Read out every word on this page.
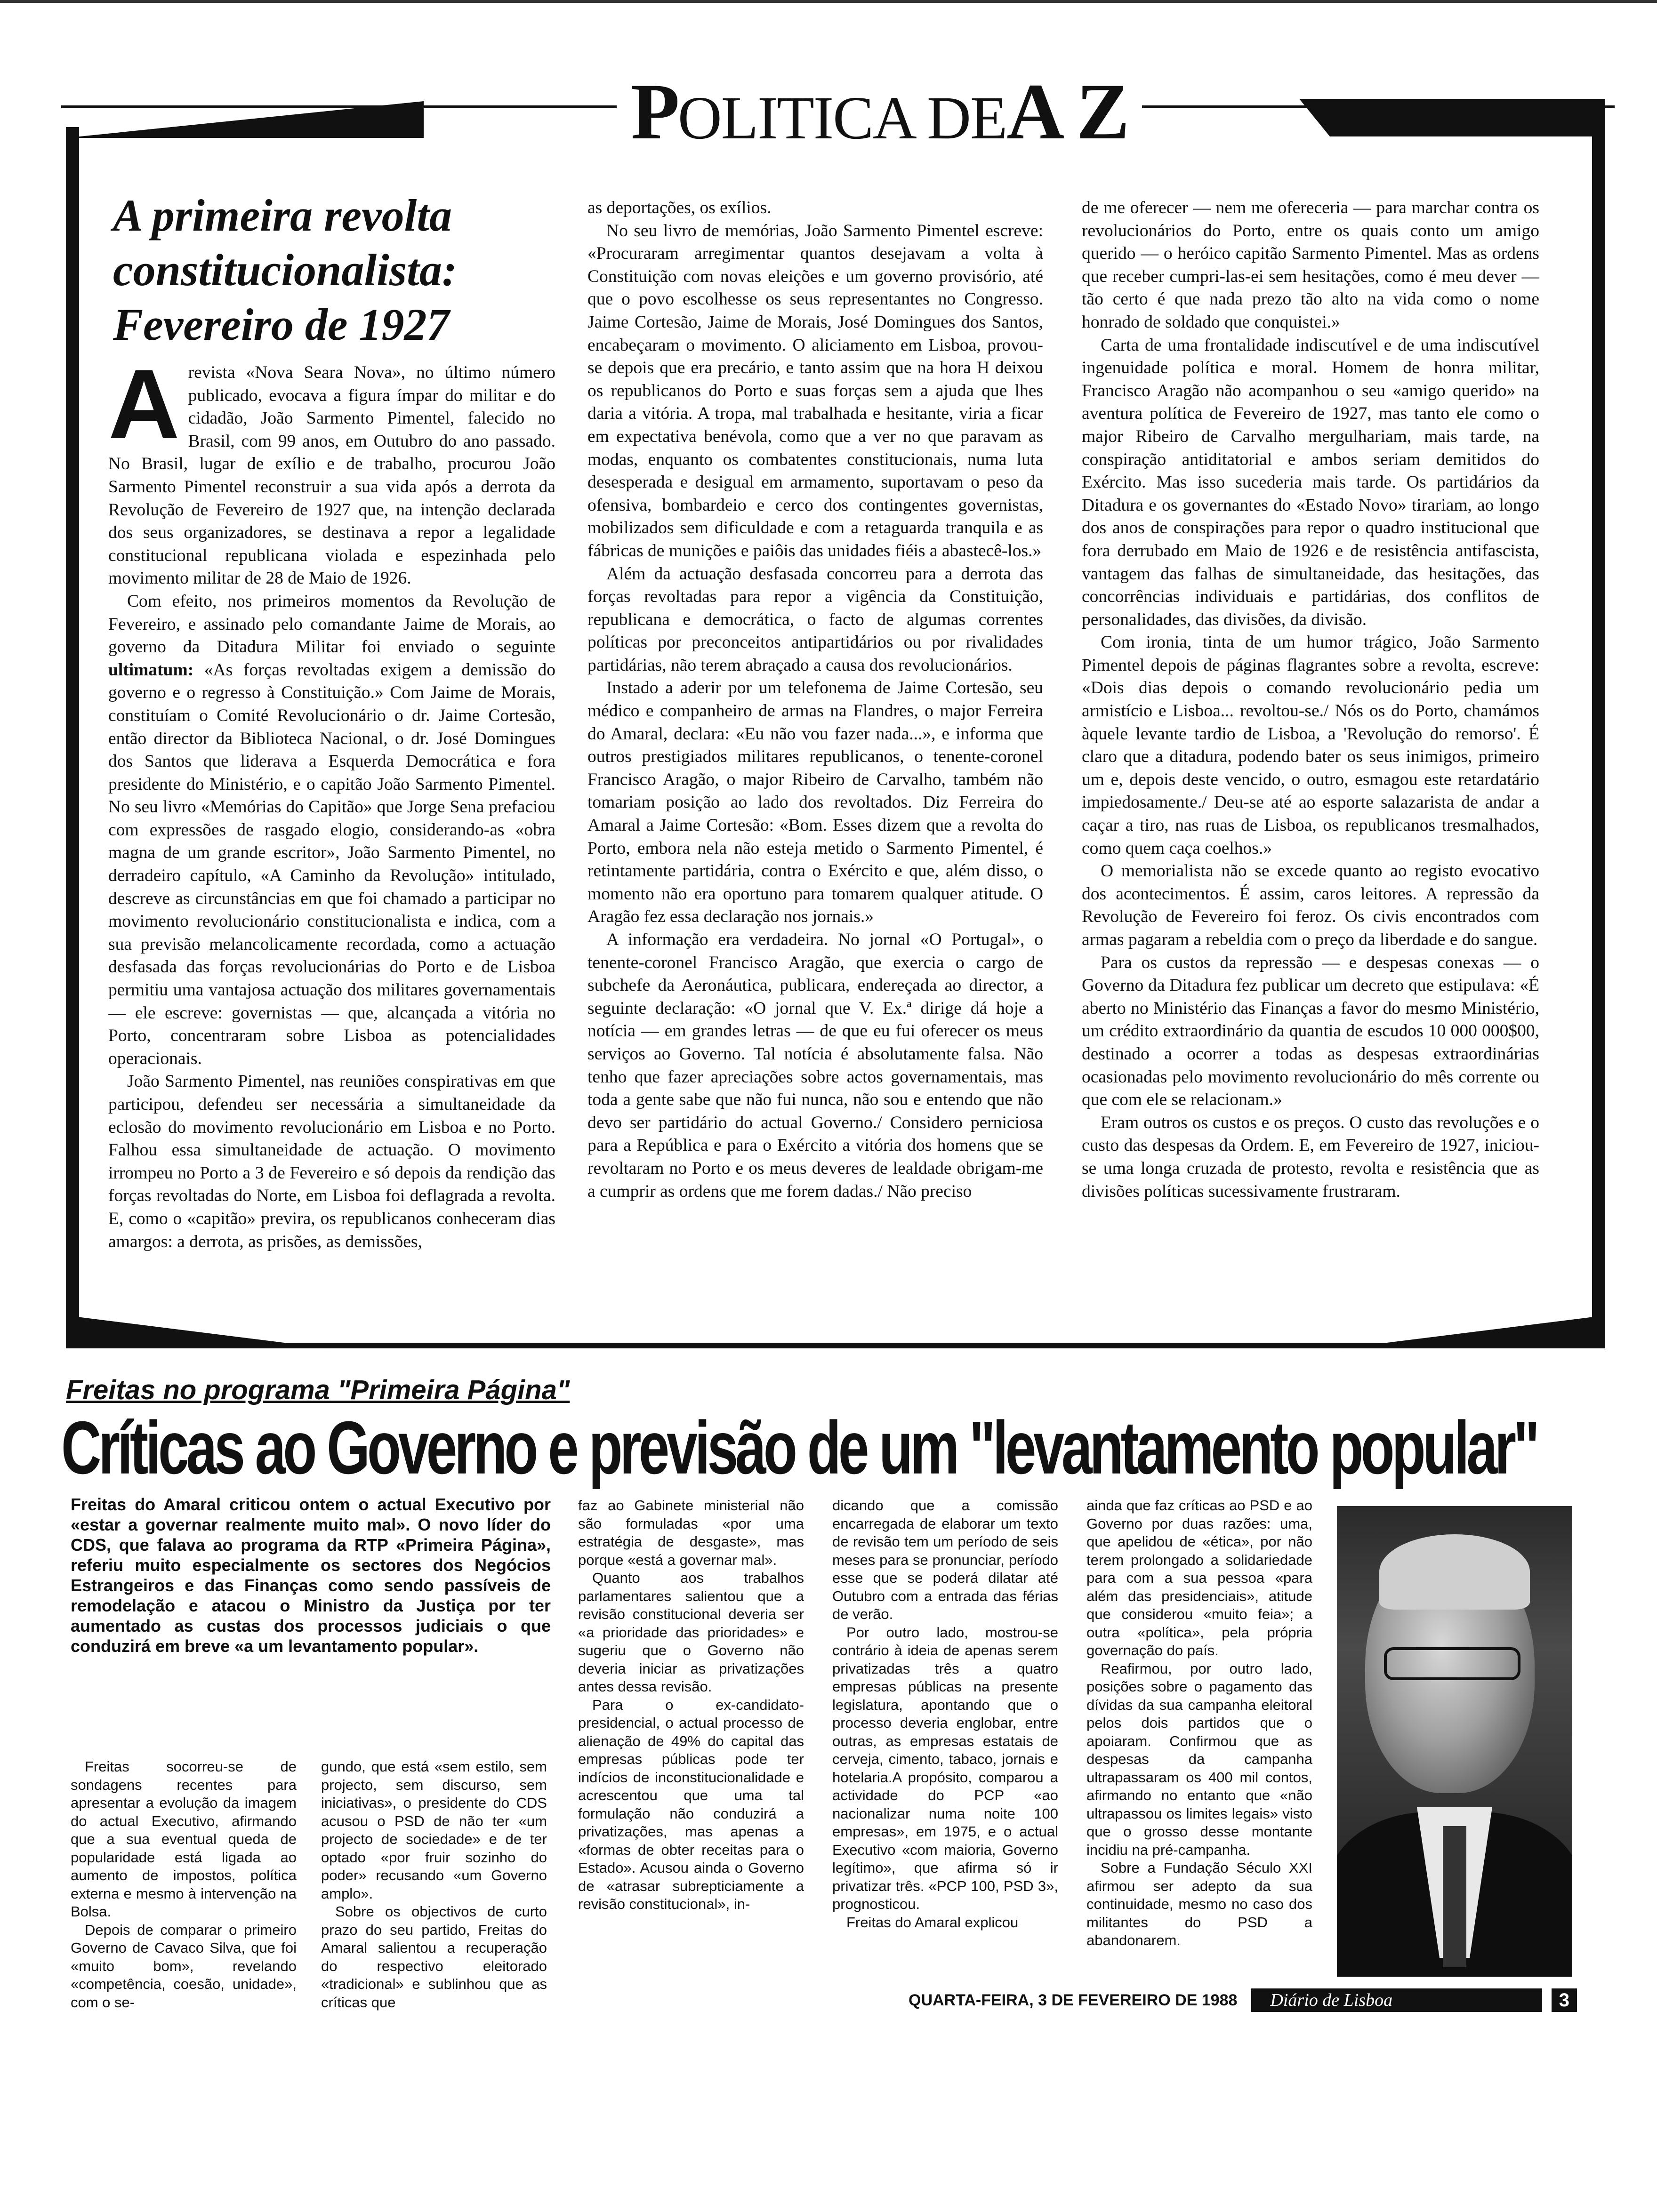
P OLITICA DE A Z
A primeira revolta constitucionalista: Fevereiro de 1927

Arevista «Nova Seara Nova», no último número publicado, evocava a figura ímpar do militar e do cidadão, João Sarmento Pimentel, falecido no Brasil, com 99 anos, em Outubro do ano passado. No Brasil, lugar de exílio e de trabalho, procurou João Sarmento Pimentel reconstruir a sua vida após a derrota da Revolução de Fevereiro de 1927 que, na intenção declarada dos seus organizadores, se destinava a repor a legalidade constitucional republicana violada e espezinhada pelo movimento militar de 28 de Maio de 1926.

Com efeito, nos primeiros momentos da Revolução de Fevereiro, e assinado pelo comandante Jaime de Morais, ao governo da Ditadura Militar foi enviado o seguinte ultimatum: «As forças revoltadas exigem a demissão do governo e o regresso à Constituição.» Com Jaime de Morais, constituíam o Comité Revolucionário o dr. Jaime Cortesão, então director da Biblioteca Nacional, o dr. José Domingues dos Santos que liderava a Esquerda Democrática e fora presidente do Ministério, e o capitão João Sarmento Pimentel. No seu livro «Memórias do Capitão» que Jorge Sena prefaciou com expressões de rasgado elogio, considerando-as «obra magna de um grande escritor», João Sarmento Pimentel, no derradeiro capítulo, «A Caminho da Revolução» intitulado, descreve as circunstâncias em que foi chamado a participar no movimento revolucionário constitucionalista e indica, com a sua previsão melancolicamente recordada, como a actuação desfasada das forças revolucionárias do Porto e de Lisboa permitiu uma vantajosa actuação dos militares governamentais — ele escreve: governistas — que, alcançada a vitória no Porto, concentraram sobre Lisboa as potencialidades operacionais.

João Sarmento Pimentel, nas reuniões conspirativas em que participou, defendeu ser necessária a simultaneidade da eclosão do movimento revolucionário em Lisboa e no Porto. Falhou essa simultaneidade de actuação. O movimento irrompeu no Porto a 3 de Fevereiro e só depois da rendição das forças revoltadas do Norte, em Lisboa foi deflagrada a revolta. E, como o «capitão» previra, os republicanos conheceram dias amargos: a derrota, as prisões, as demissões,

as deportações, os exílios.

No seu livro de memórias, João Sarmento Pimentel escreve: «Procuraram arregimentar quantos desejavam a volta à Constituição com novas eleições e um governo provisório, até que o povo escolhesse os seus representantes no Congresso. Jaime Cortesão, Jaime de Morais, José Domingues dos Santos, encabeçaram o movimento. O aliciamento em Lisboa, provou-se depois que era precário, e tanto assim que na hora H deixou os republicanos do Porto e suas forças sem a ajuda que lhes daria a vitória. A tropa, mal trabalhada e hesitante, viria a ficar em expectativa benévola, como que a ver no que paravam as modas, enquanto os combatentes constitucionais, numa luta desesperada e desigual em armamento, suportavam o peso da ofensiva, bombardeio e cerco dos contingentes governistas, mobilizados sem dificuldade e com a retaguarda tranquila e as fábricas de munições e paiôis das unidades fiéis a abastecê-los.»

Além da actuação desfasada concorreu para a derrota das forças revoltadas para repor a vigência da Constituição, republicana e democrática, o facto de algumas correntes políticas por preconceitos antipartidários ou por rivalidades partidárias, não terem abraçado a causa dos revolucionários.

Instado a aderir por um telefonema de Jaime Cortesão, seu médico e companheiro de armas na Flandres, o major Ferreira do Amaral, declara: «Eu não vou fazer nada...», e informa que outros prestigiados militares republicanos, o tenente-coronel Francisco Aragão, o major Ribeiro de Carvalho, também não tomariam posição ao lado dos revoltados. Diz Ferreira do Amaral a Jaime Cortesão: «Bom. Esses dizem que a revolta do Porto, embora nela não esteja metido o Sarmento Pimentel, é retintamente partidária, contra o Exército e que, além disso, o momento não era oportuno para tomarem qualquer atitude. O Aragão fez essa declaração nos jornais.»

A informação era verdadeira. No jornal «O Portugal», o tenente-coronel Francisco Aragão, que exercia o cargo de subchefe da Aeronáutica, publicara, endereçada ao director, a seguinte declaração: «O jornal que V. Ex.ª dirige dá hoje a notícia — em grandes letras — de que eu fui oferecer os meus serviços ao Governo. Tal notícia é absolutamente falsa. Não tenho que fazer apreciações sobre actos governamentais, mas toda a gente sabe que não fui nunca, não sou e entendo que não devo ser partidário do actual Governo./ Considero perniciosa para a República e para o Exército a vitória dos homens que se revoltaram no Porto e os meus deveres de lealdade obrigam-me a cumprir as ordens que me forem dadas./ Não preciso

de me oferecer — nem me ofereceria — para marchar contra os revolucionários do Porto, entre os quais conto um amigo querido — o heróico capitão Sarmento Pimentel. Mas as ordens que receber cumpri-las-ei sem hesitações, como é meu dever — tão certo é que nada prezo tão alto na vida como o nome honrado de soldado que conquistei.»

Carta de uma frontalidade indiscutível e de uma indiscutível ingenuidade política e moral. Homem de honra militar, Francisco Aragão não acompanhou o seu «amigo querido» na aventura política de Fevereiro de 1927, mas tanto ele como o major Ribeiro de Carvalho mergulhariam, mais tarde, na conspiração antiditatorial e ambos seriam demitidos do Exército. Mas isso sucederia mais tarde. Os partidários da Ditadura e os governantes do «Estado Novo» tirariam, ao longo dos anos de conspirações para repor o quadro institucional que fora derrubado em Maio de 1926 e de resistência antifascista, vantagem das falhas de simultaneidade, das hesitações, das concorrências individuais e partidárias, dos conflitos de personalidades, das divisões, da divisão.

Com ironia, tinta de um humor trágico, João Sarmento Pimentel depois de páginas flagrantes sobre a revolta, escreve: «Dois dias depois o comando revolucionário pedia um armistício e Lisboa... revoltou-se./ Nós os do Porto, chamámos àquele levante tardio de Lisboa, a 'Revolução do remorso'. É claro que a ditadura, podendo bater os seus inimigos, primeiro um e, depois deste vencido, o outro, esmagou este retardatário impiedosamente./ Deu-se até ao esporte salazarista de andar a caçar a tiro, nas ruas de Lisboa, os republicanos tresmalhados, como quem caça coelhos.»

O memorialista não se excede quanto ao registo evocativo dos acontecimentos. É assim, caros leitores. A repressão da Revolução de Fevereiro foi feroz. Os civis encontrados com armas pagaram a rebeldia com o preço da liberdade e do sangue.

Para os custos da repressão — e despesas conexas — o Governo da Ditadura fez publicar um decreto que estipulava: «É aberto no Ministério das Finanças a favor do mesmo Ministério, um crédito extraordinário da quantia de escudos 10 000 000$00, destinado a ocorrer a todas as despesas extraordinárias ocasionadas pelo movimento revolucionário do mês corrente ou que com ele se relacionam.»

Eram outros os custos e os preços. O custo das revoluções e o custo das despesas da Ordem. E, em Fevereiro de 1927, iniciou-se uma longa cruzada de protesto, revolta e resistência que as divisões políticas sucessivamente frustraram.

Freitas no programa "Primeira Página"
Críticas ao Governo e previsão de um "levantamento popular"
Freitas do Amaral criticou ontem o actual Executivo por «estar a governar realmente muito mal». O novo líder do CDS, que falava ao programa da RTP «Primeira Página», referiu muito especialmente os sectores dos Negócios Estrangeiros e das Finanças como sendo passíveis de remodelação e atacou o Ministro da Justiça por ter aumentado as custas dos processos judiciais o que conduzirá em breve «a um levantamento popular».

Freitas socorreu-se de sondagens recentes para apresentar a evolução da imagem do actual Executivo, afirmando que a sua eventual queda de popularidade está ligada ao aumento de impostos, política externa e mesmo à intervenção na Bolsa.

Depois de comparar o primeiro Governo de Cavaco Silva, que foi «muito bom», revelando «competência, coesão, unidade», com o se-

gundo, que está «sem estilo, sem projecto, sem discurso, sem iniciativas», o presidente do CDS acusou o PSD de não ter «um projecto de sociedade» e de ter optado «por fruir sozinho do poder» recusando «um Governo amplo».

Sobre os objectivos de curto prazo do seu partido, Freitas do Amaral salientou a recuperação do respectivo eleitorado «tradicional» e sublinhou que as críticas que

faz ao Gabinete ministerial não são formuladas «por uma estratégia de desgaste», mas porque «está a governar mal».

Quanto aos trabalhos parlamentares salientou que a revisão constitucional deveria ser «a prioridade das prioridades» e sugeriu que o Governo não deveria iniciar as privatizações antes dessa revisão.

Para o ex-candidato-presidencial, o actual processo de alienação de 49% do capital das empresas públicas pode ter indícios de inconstitucionalidade e acrescentou que uma tal formulação não conduzirá a privatizações, mas apenas a «formas de obter receitas para o Estado». Acusou ainda o Governo de «atrasar subrepticiamente a revisão constitucional», in-

dicando que a comissão encarregada de elaborar um texto de revisão tem um período de seis meses para se pronunciar, período esse que se poderá dilatar até Outubro com a entrada das férias de verão.

Por outro lado, mostrou-se contrário à ideia de apenas serem privatizadas três a quatro empresas públicas na presente legislatura, apontando que o processo deveria englobar, entre outras, as empresas estatais de cerveja, cimento, tabaco, jornais e hotelaria.A propósito, comparou a actividade do PCP «ao nacionalizar numa noite 100 empresas», em 1975, e o actual Executivo «com maioria, Governo legítimo», que afirma só ir privatizar três. «PCP 100, PSD 3», prognosticou.

Freitas do Amaral explicou

ainda que faz críticas ao PSD e ao Governo por duas razões: uma, que apelidou de «ética», por não terem prolongado a solidariedade para com a sua pessoa «para além das presidenciais», atitude que considerou «muito feia»; a outra «política», pela própria governação do país.

Reafirmou, por outro lado, posições sobre o pagamento das dívidas da sua campanha eleitoral pelos dois partidos que o apoiaram. Confirmou que as despesas da campanha ultrapassaram os 400 mil contos, afirmando no entanto que «não ultrapassou os limites legais» visto que o grosso desse montante incidiu na pré-campanha.

Sobre a Fundação Século XXI afirmou ser adepto da sua continuidade, mesmo no caso dos militantes do PSD a abandonarem.

QUARTA-FEIRA, 3 DE FEVEREIRO DE 1988	Diário de Lisboa	3
